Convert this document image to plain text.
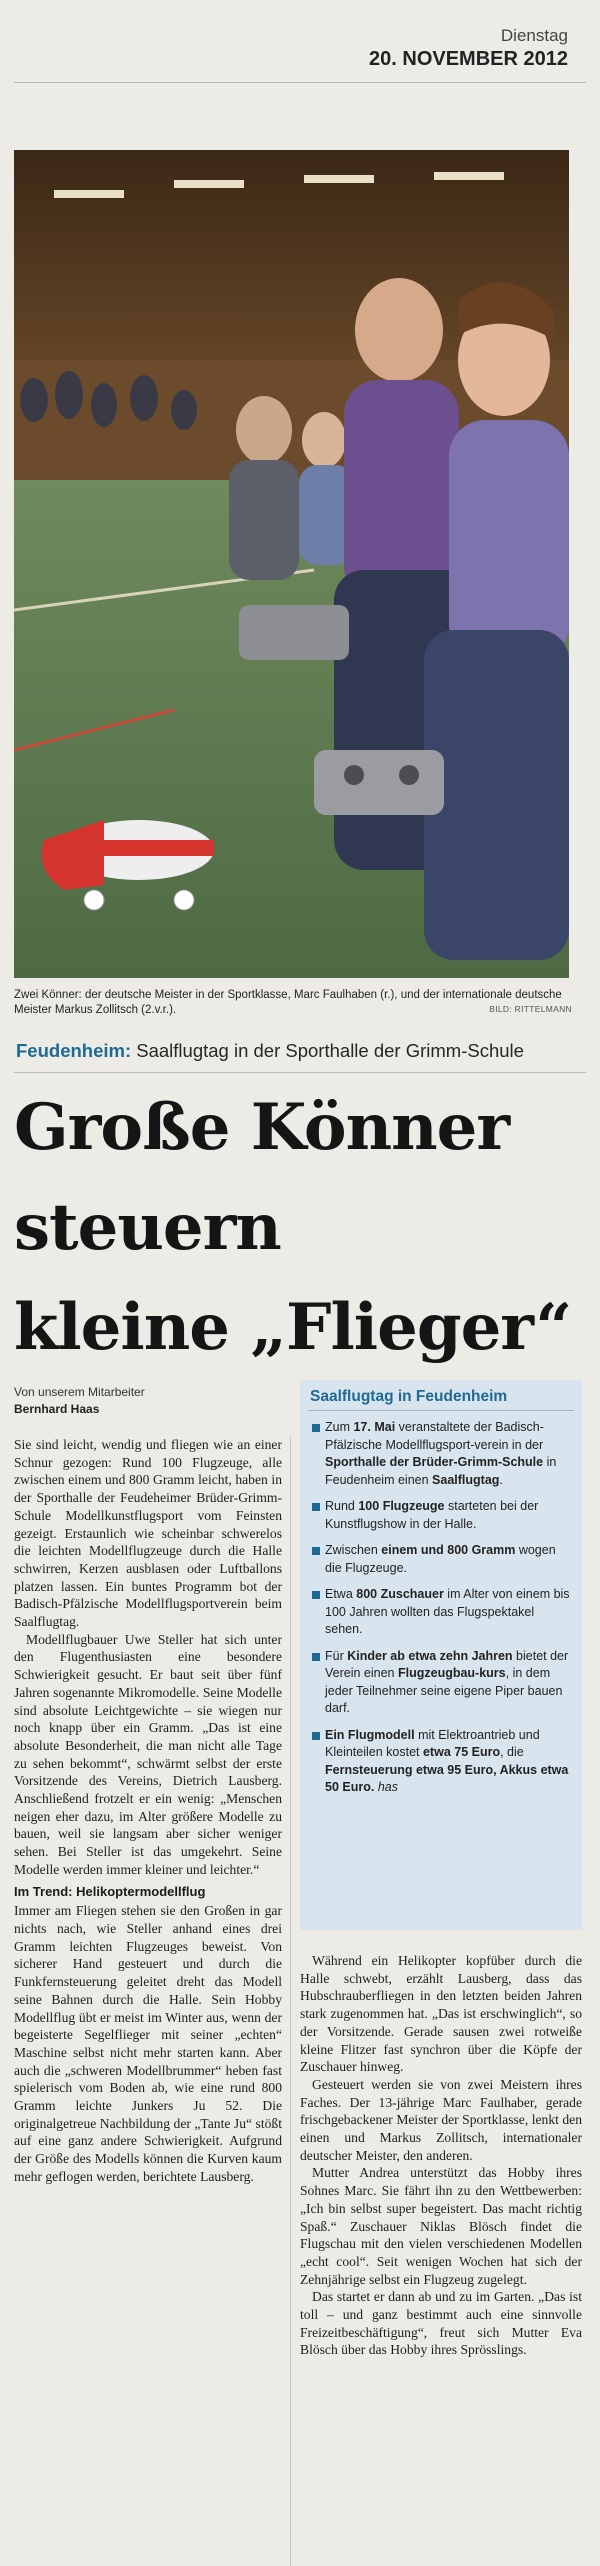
Dienstag
20. NOVEMBER 2012
Zwei Könner: der deutsche Meister in der Sportklasse, Marc Faulhaben (r.), und der internationale deutsche Meister Markus Zollitsch (2.v.r.).	BILD: RITTELMANN
Feudenheim: Saalflugtag in der Sporthalle der Grimm-Schule
Große Könner
steuern
kleine „Flieger“
Von unserem Mitarbeiter
Bernhard Haas

Sie sind leicht, wendig und fliegen wie an einer Schnur gezogen: Rund 100 Flugzeuge, alle zwischen einem und 800 Gramm leicht, haben in der Sporthalle der Feudeheimer Brüder-Grimm-Schule Modellkunstflugsport vom Feinsten gezeigt. Erstaunlich wie scheinbar schwerelos die leichten Modellflugzeuge durch die Halle schwirren, Kerzen ausblasen oder Luftballons platzen lassen. Ein buntes Programm bot der Badisch-Pfälzische Modellflugsportverein beim Saalflugtag.

Modellflugbauer Uwe Steller hat sich unter den Flugenthusiasten eine besondere Schwierigkeit gesucht. Er baut seit über fünf Jahren sogenannte Mikromodelle. Seine Modelle sind absolute Leichtgewichte – sie wiegen nur noch knapp über ein Gramm. „Das ist eine absolute Besonderheit, die man nicht alle Tage zu sehen bekommt“, schwärmt selbst der erste Vorsitzende des Vereins, Dietrich Lausberg. Anschließend frotzelt er ein wenig: „Menschen neigen eher dazu, im Alter größere Modelle zu bauen, weil sie langsam aber sicher weniger sehen. Bei Steller ist das umgekehrt. Seine Modelle werden immer kleiner und leichter.“

Im Trend: Helikoptermodellflug

Immer am Fliegen stehen sie den Großen in gar nichts nach, wie Steller anhand eines drei Gramm leichten Flugzeuges beweist. Von sicherer Hand gesteuert und durch die Funkfernsteuerung geleitet dreht das Modell seine Bahnen durch die Halle. Sein Hobby Modellflug übt er meist im Winter aus, wenn der begeisterte Segelflieger mit seiner „echten“ Maschine selbst nicht mehr starten kann. Aber auch die „schweren Modellbrummer“ heben fast spielerisch vom Boden ab, wie eine rund 800 Gramm leichte Junkers Ju 52. Die originalgetreue Nachbildung der „Tante Ju“ stößt auf eine ganz andere Schwierigkeit. Aufgrund der Größe des Modells können die Kurven kaum mehr geflogen werden, berichtete Lausberg.

Saalflugtag in Feudenheim
Zum 17. Mai veranstaltete der Badisch-Pfälzische Modellflugsport-verein in der Sporthalle der Brüder-Grimm-Schule in Feudenheim einen Saalflugtag.
Rund 100 Flugzeuge starteten bei der Kunstflugshow in der Halle.
Zwischen einem und 800 Gramm wogen die Flugzeuge.
Etwa 800 Zuschauer im Alter von einem bis 100 Jahren wollten das Flugspektakel sehen.
Für Kinder ab etwa zehn Jahren bietet der Verein einen Flugzeugbau-kurs, in dem jeder Teilnehmer seine eigene Piper bauen darf.
Ein Flugmodell mit Elektroantrieb und Kleinteilen kostet etwa 75 Euro, die Fernsteuerung etwa 95 Euro, Akkus etwa 50 Euro. has

Während ein Helikopter kopfüber durch die Halle schwebt, erzählt Lausberg, dass das Hubschrauberfliegen in den letzten beiden Jahren stark zugenommen hat. „Das ist erschwinglich“, so der Vorsitzende. Gerade sausen zwei rotweiße kleine Flitzer fast synchron über die Köpfe der Zuschauer hinweg.

Gesteuert werden sie von zwei Meistern ihres Faches. Der 13-jährige Marc Faulhaber, gerade frischgebackener Meister der Sportklasse, lenkt den einen und Markus Zollitsch, internationaler deutscher Meister, den anderen.

Mutter Andrea unterstützt das Hobby ihres Sohnes Marc. Sie fährt ihn zu den Wettbewerben: „Ich bin selbst super begeistert. Das macht richtig Spaß.“ Zuschauer Niklas Blösch findet die Flugschau mit den vielen verschiedenen Modellen „echt cool“. Seit wenigen Wochen hat sich der Zehnjährige selbst ein Flugzeug zugelegt.

Das startet er dann ab und zu im Garten. „Das ist toll – und ganz bestimmt auch eine sinnvolle Freizeitbeschäftigung“, freut sich Mutter Eva Blösch über das Hobby ihres Sprösslings.
